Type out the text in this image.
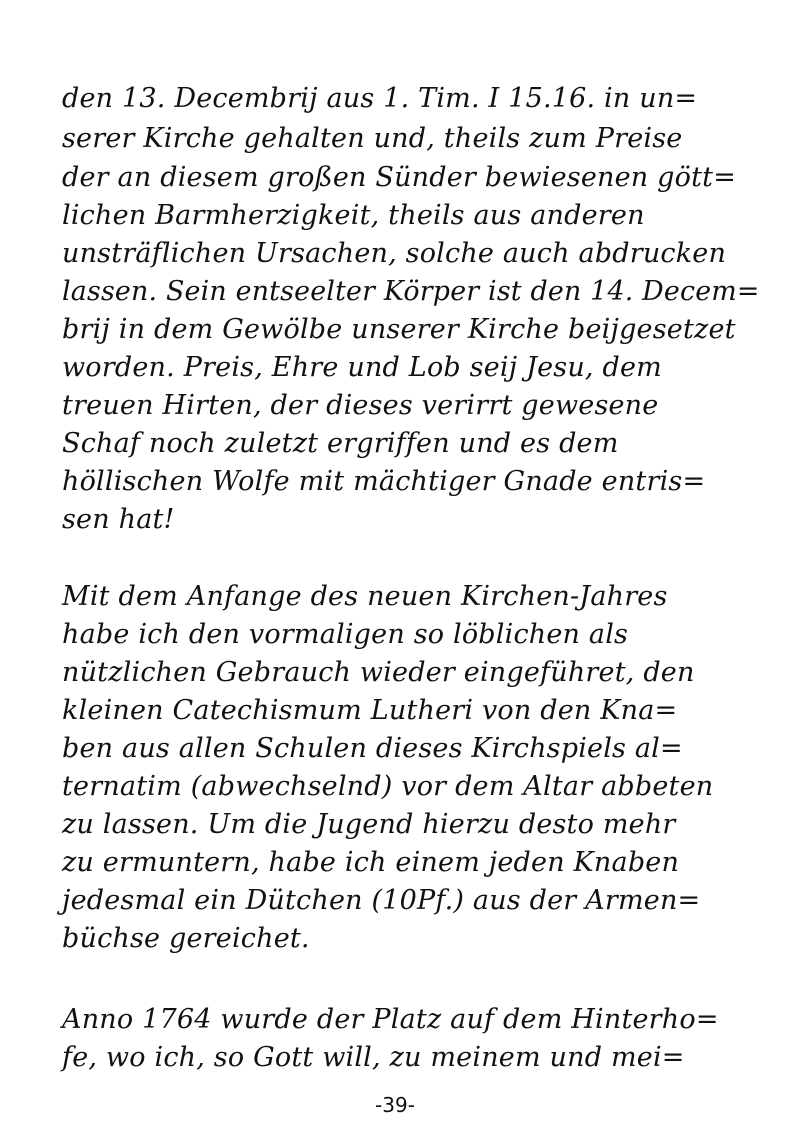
den 13. Decembrij aus 1. Tim. I 15.16. in un=
serer Kirche gehalten und, theils zum Preise
der an diesem großen Sünder bewiesenen gött=
lichen Barmherzigkeit, theils aus anderen
unsträflichen Ursachen, solche auch abdrucken
lassen. Sein entseelter Körper ist den 14. Decem=
brij in dem Gewölbe unserer Kirche beijgesetzet
worden. Preis, Ehre und Lob seij Jesu, dem
treuen Hirten, der dieses verirrt gewesene
Schaf noch zuletzt ergriffen und es dem
höllischen Wolfe mit mächtiger Gnade entris=
sen hat!
Mit dem Anfange des neuen Kirchen-Jahres
habe ich den vormaligen so löblichen als
nützlichen Gebrauch wieder eingeführet, den
kleinen Catechismum Lutheri von den Kna=
ben aus allen Schulen dieses Kirchspiels al=
ternatim (abwechselnd) vor dem Altar abbeten
zu lassen. Um die Jugend hierzu desto mehr
zu ermuntern, habe ich einem jeden Knaben
jedesmal ein Dütchen (10Pf.) aus der Armen=
büchse gereichet.
Anno 1764 wurde der Platz auf dem Hinterho=
fe, wo ich, so Gott will, zu meinem und mei=
-39-
